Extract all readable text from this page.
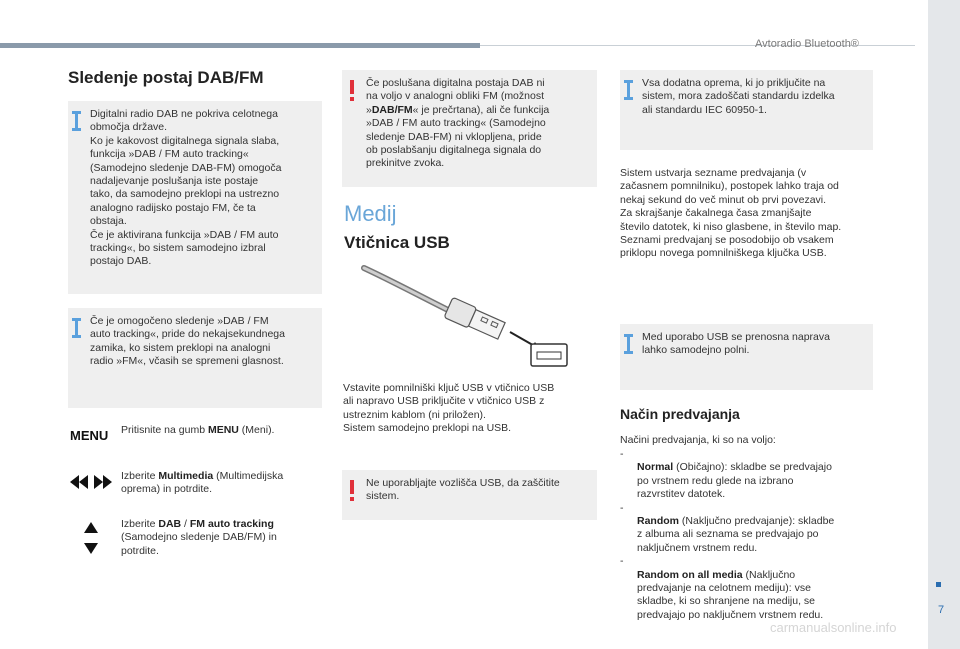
Avtoradio Bluetooth®
7
Sledenje postaj DAB/FM
Digitalni radio DAB ne pokriva celotnega
območja države.
Ko je kakovost digitalnega signala slaba,
funkcija »DAB / FM auto tracking«
(Samodejno sledenje DAB-FM) omogoča
nadaljevanje poslušanja iste postaje
tako, da samodejno preklopi na ustrezno
analogno radijsko postajo FM, če ta
obstaja.
Če je aktivirana funkcija »DAB / FM auto
tracking«, bo sistem samodejno izbral
postajo DAB.
Če je omogočeno sledenje »DAB / FM
auto tracking«, pride do nekajsekundnega
zamika, ko sistem preklopi na analogni
radio »FM«, včasih se spremeni glasnost.
MENU Pritisnite na gumb MENU (Meni).
Izberite Multimedia (Multimedijska
oprema) in potrdite.
Izberite DAB / FM auto tracking
(Samodejno sledenje DAB/FM) in
potrdite.
Če poslušana digitalna postaja DAB ni
na voljo v analogni obliki FM (možnost
»DAB/FM« je prečrtana), ali če funkcija
»DAB / FM auto tracking« (Samodejno
sledenje DAB-FM) ni vklopljena, pride
ob poslabšanju digitalnega signala do
prekinitve zvoka.
Medij
Vtičnica USB
Vstavite pomnilniški ključ USB v vtičnico USB
ali napravo USB priključite v vtičnico USB z
ustreznim kablom (ni priložen).
Sistem samodejno preklopi na USB.
Ne uporabljajte vozlišča USB, da zaščitite
sistem.
Vsa dodatna oprema, ki jo priključite na
sistem, mora zadoščati standardu izdelka
ali standardu IEC 60950-1.
Sistem ustvarja sezname predvajanja (v
začasnem pomnilniku), postopek lahko traja od
nekaj sekund do več minut ob prvi povezavi.
Za skrajšanje čakalnega časa zmanjšajte
število datotek, ki niso glasbene, in število map.
Seznami predvajanj se posodobijo ob vsakem
priklopu novega pomnilniškega ključka USB.
Med uporabo USB se prenosna naprava
lahko samodejno polni.
Način predvajanja
Načini predvajanja, ki so na voljo:

-
Normal (Običajno): skladbe se predvajajo
po vrstnem redu glede na izbrano
razvrstitev datotek.

-
Random (Naključno predvajanje): skladbe
z albuma ali seznama se predvajajo po
naključnem vrstnem redu.

-
Random on all media (Naključno
predvajanje na celotnem mediju): vse
skladbe, ki so shranjene na mediju, se
predvajajo po naključnem vrstnem redu.

carmanualsonline.info
